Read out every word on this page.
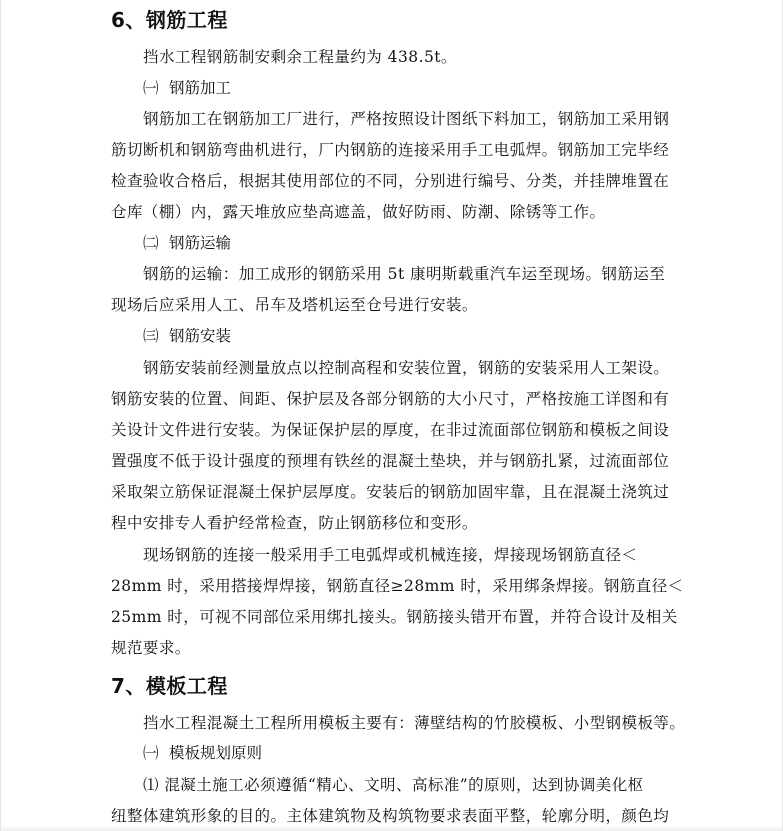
6、钢筋工程
挡水工程钢筋制安剩余工程量约为 438.5t。
㈠ 钢筋加工
钢筋加工在钢筋加工厂进行，严格按照设计图纸下料加工，钢筋加工采用钢
筋切断机和钢筋弯曲机进行，厂内钢筋的连接采用手工电弧焊。钢筋加工完毕经
检查验收合格后，根据其使用部位的不同，分别进行编号、分类，并挂牌堆置在
仓库（棚）内，露天堆放应垫高遮盖，做好防雨、防潮、除锈等工作。
㈡ 钢筋运输
钢筋的运输：加工成形的钢筋采用 5t 康明斯载重汽车运至现场。钢筋运至
现场后应采用人工、吊车及塔机运至仓号进行安装。
㈢ 钢筋安装
钢筋安装前经测量放点以控制高程和安装位置，钢筋的安装采用人工架设。
钢筋安装的位置、间距、保护层及各部分钢筋的大小尺寸，严格按施工详图和有
关设计文件进行安装。为保证保护层的厚度，在非过流面部位钢筋和模板之间设
置强度不低于设计强度的预埋有铁丝的混凝土垫块，并与钢筋扎紧，过流面部位
采取架立筋保证混凝土保护层厚度。安装后的钢筋加固牢靠，且在混凝土浇筑过
程中安排专人看护经常检查，防止钢筋移位和变形。
现场钢筋的连接一般采用手工电弧焊或机械连接，焊接现场钢筋直径＜
28mm 时，采用搭接焊焊接，钢筋直径≥28mm 时，采用绑条焊接。钢筋直径＜
25mm 时，可视不同部位采用绑扎接头。钢筋接头错开布置，并符合设计及相关
规范要求。
7、模板工程
挡水工程混凝土工程所用模板主要有：薄壁结构的竹胶模板、小型钢模板等。
㈠ 模板规划原则
⑴ 混凝土施工必须遵循“精心、文明、高标准”的原则，达到协调美化枢
纽整体建筑形象的目的。主体建筑物及构筑物要求表面平整，轮廓分明，颜色均
